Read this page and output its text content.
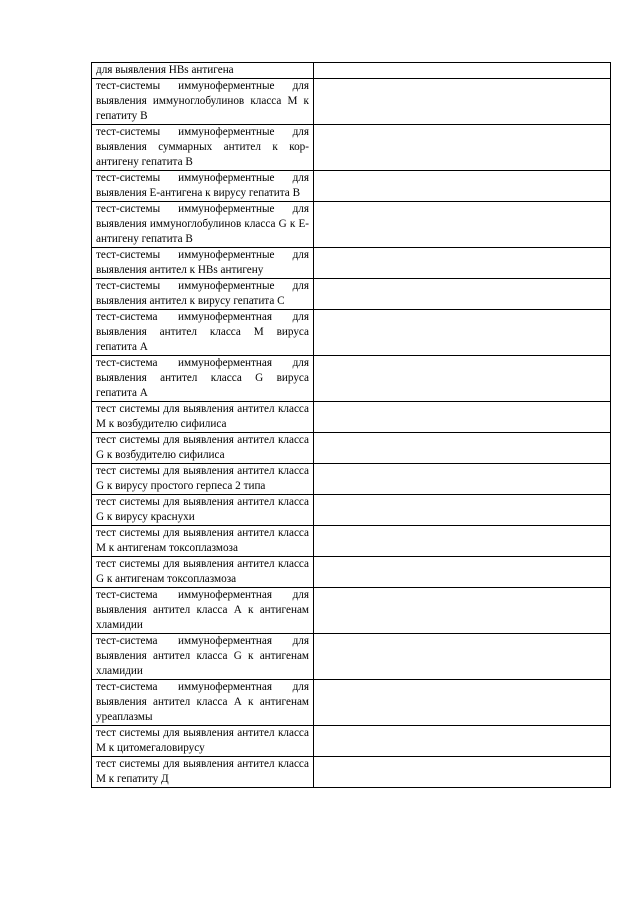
для выявления HBs антигена	
тест-системы иммуноферментные для выявления иммуноглобулинов класса М к гепатиту В	
тест-системы иммуноферментные для выявления суммарных антител к кор-антигену гепатита В	
тест-системы иммуноферментные для выявления Е-антигена к вирусу гепатита В	
тест-системы иммуноферментные для выявления иммуноглобулинов класса G к Е-антигену гепатита В	
тест-системы иммуноферментные для выявления антител к HBs антигену	
тест-системы иммуноферментные для выявления антител к вирусу гепатита С	
тест-система иммуноферментная для выявления антител класса М вируса гепатита А	
тест-система иммуноферментная для выявления антител класса G вируса гепатита А	
тест системы для выявления антител класса М к возбудителю сифилиса	
тест системы для выявления антител класса G к возбудителю сифилиса	
тест системы для выявления антител класса G к вирусу простого герпеса 2 типа	
тест системы для выявления антител класса G к вирусу краснухи	
тест системы для выявления антител класса М к антигенам токсоплазмоза	
тест системы для выявления антител класса G к антигенам токсоплазмоза	
тест-система иммуноферментная для выявления антител класса А к антигенам хламидии	
тест-система иммуноферментная для выявления антител класса G к антигенам хламидии	
тест-система иммуноферментная для выявления антител класса А к антигенам уреаплазмы	
тест системы для выявления антител класса М к цитомегаловирусу	
тест системы для выявления антител класса М к гепатиту Д	
